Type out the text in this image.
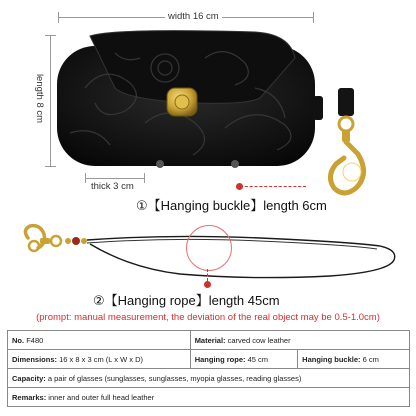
width 16 cm
length 8 cm
thick 3 cm
①【Hanging buckle】length 6cm
②【Hanging rope】length 45cm
(prompt: manual measurement, the deviation of the real object may be 0.5-1.0cm)
No. F480	Material: carved cow leather	
Dimensions: 16 x 8 x 3 cm (L x W x D)	Hanging rope: 45 cm	Hanging buckle: 6 cm
Capacity: a pair of glasses (sunglasses, sunglasses, myopia glasses, reading glasses)		
Remarks: inner and outer full head leather		
